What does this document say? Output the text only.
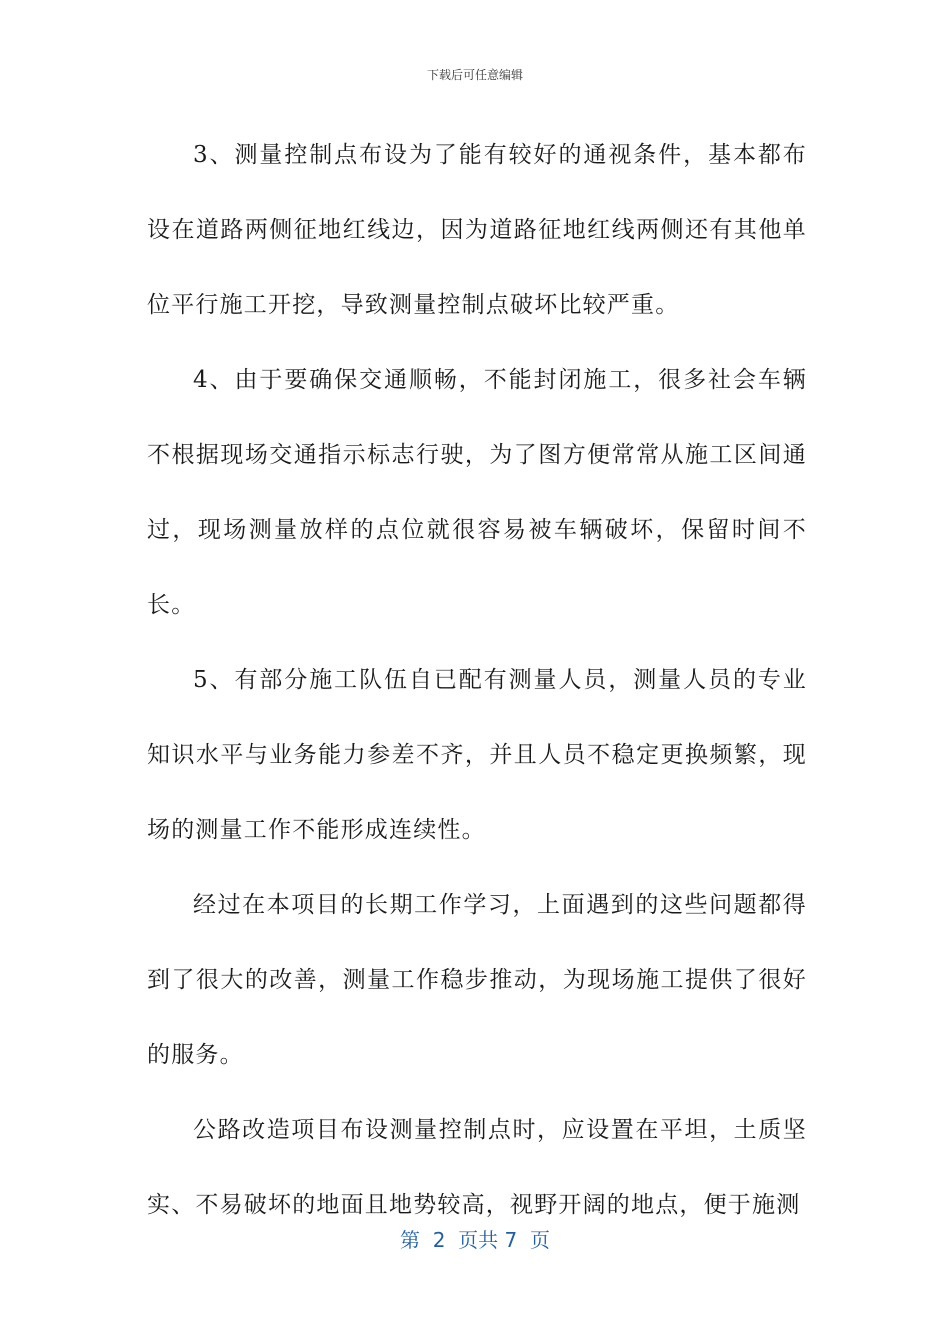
下载后可任意编辑

3、测量控制点布设为了能有较好的通视条件，基本都布设在道路两侧征地红线边，因为道路征地红线两侧还有其他单位平行施工开挖，导致测量控制点破坏比较严重。

4、由于要确保交通顺畅，不能封闭施工，很多社会车辆不根据现场交通指示标志行驶，为了图方便常常从施工区间通过，现场测量放样的点位就很容易被车辆破坏，保留时间不长。

5、有部分施工队伍自已配有测量人员，测量人员的专业知识水平与业务能力参差不齐，并且人员不稳定更换频繁，现场的测量工作不能形成连续性。

经过在本项目的长期工作学习，上面遇到的这些问题都得到了很大的改善，测量工作稳步推动，为现场施工提供了很好的服务。

公路改造项目布设测量控制点时，应设置在平坦，土质坚实、不易破坏的地面且地势较高，视野开阔的地点，便于施测

第  2  页共 7  页
